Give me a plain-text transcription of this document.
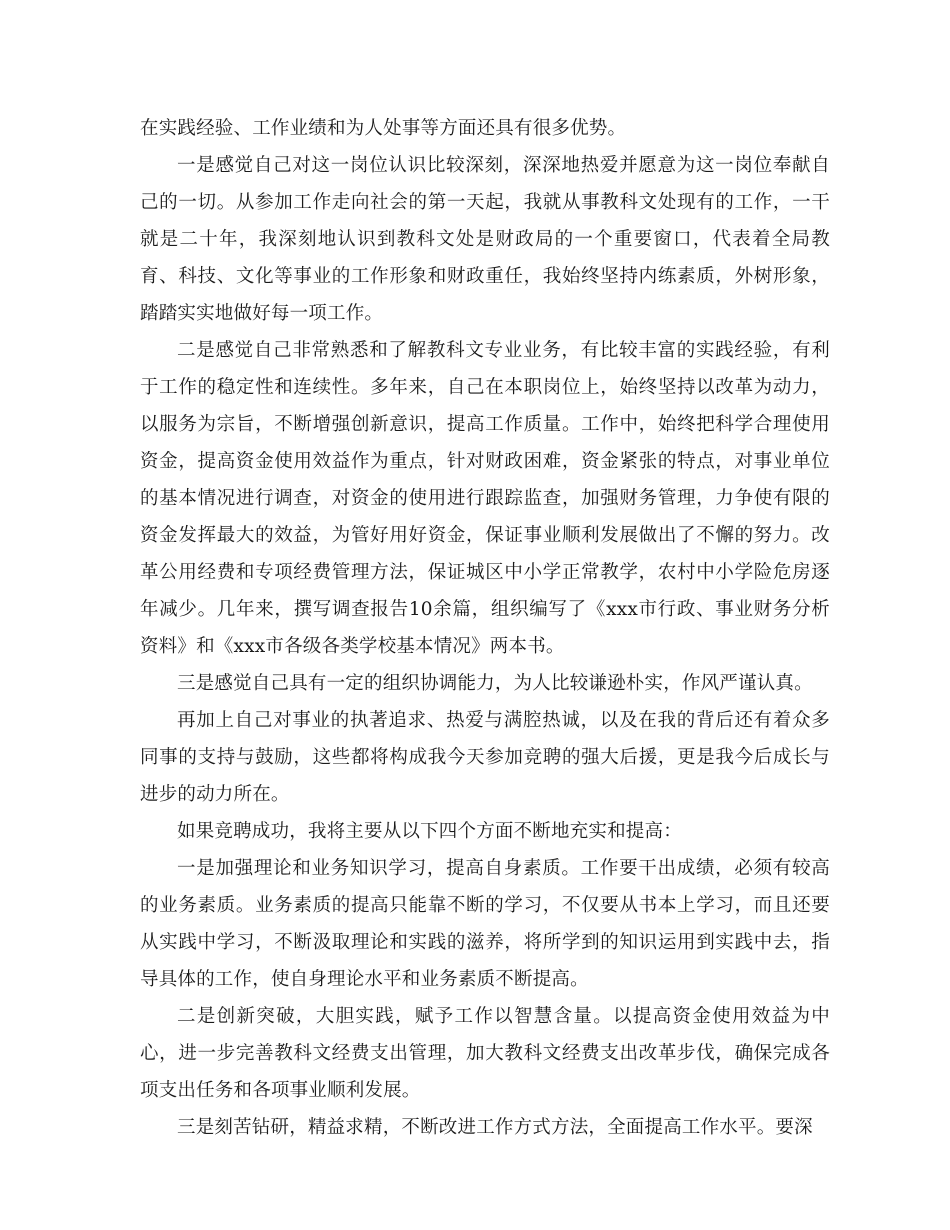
在实践经验、工作业绩和为人处事等方面还具有很多优势。

一是感觉自己对这一岗位认识比较深刻，深深地热爱并愿意为这一岗位奉献自己的一切。从参加工作走向社会的第一天起，我就从事教科文处现有的工作，一干就是二十年，我深刻地认识到教科文处是财政局的一个重要窗口，代表着全局教育、科技、文化等事业的工作形象和财政重任，我始终坚持内练素质，外树形象，踏踏实实地做好每一项工作。

二是感觉自己非常熟悉和了解教科文专业业务，有比较丰富的实践经验，有利于工作的稳定性和连续性。多年来，自己在本职岗位上，始终坚持以改革为动力，以服务为宗旨，不断增强创新意识，提高工作质量。工作中，始终把科学合理使用资金，提高资金使用效益作为重点，针对财政困难，资金紧张的特点，对事业单位的基本情况进行调查，对资金的使用进行跟踪监查，加强财务管理，力争使有限的资金发挥最大的效益，为管好用好资金，保证事业顺利发展做出了不懈的努力。改革公用经费和专项经费管理方法，保证城区中小学正常教学，农村中小学险危房逐年减少。几年来，撰写调查报告10余篇，组织编写了《xxx市行政、事业财务分析资料》和《xxx市各级各类学校基本情况》两本书。

三是感觉自己具有一定的组织协调能力，为人比较谦逊朴实，作风严谨认真。

再加上自己对事业的执著追求、热爱与满腔热诚，以及在我的背后还有着众多同事的支持与鼓励，这些都将构成我今天参加竞聘的强大后援，更是我今后成长与进步的动力所在。

如果竞聘成功，我将主要从以下四个方面不断地充实和提高：

一是加强理论和业务知识学习，提高自身素质。工作要干出成绩，必须有较高的业务素质。业务素质的提高只能靠不断的学习，不仅要从书本上学习，而且还要从实践中学习，不断汲取理论和实践的滋养，将所学到的知识运用到实践中去，指导具体的工作，使自身理论水平和业务素质不断提高。

二是创新突破，大胆实践，赋予工作以智慧含量。以提高资金使用效益为中心，进一步完善教科文经费支出管理，加大教科文经费支出改革步伐，确保完成各项支出任务和各项事业顺利发展。

三是刻苦钻研，精益求精，不断改进工作方式方法，全面提高工作水平。要深
